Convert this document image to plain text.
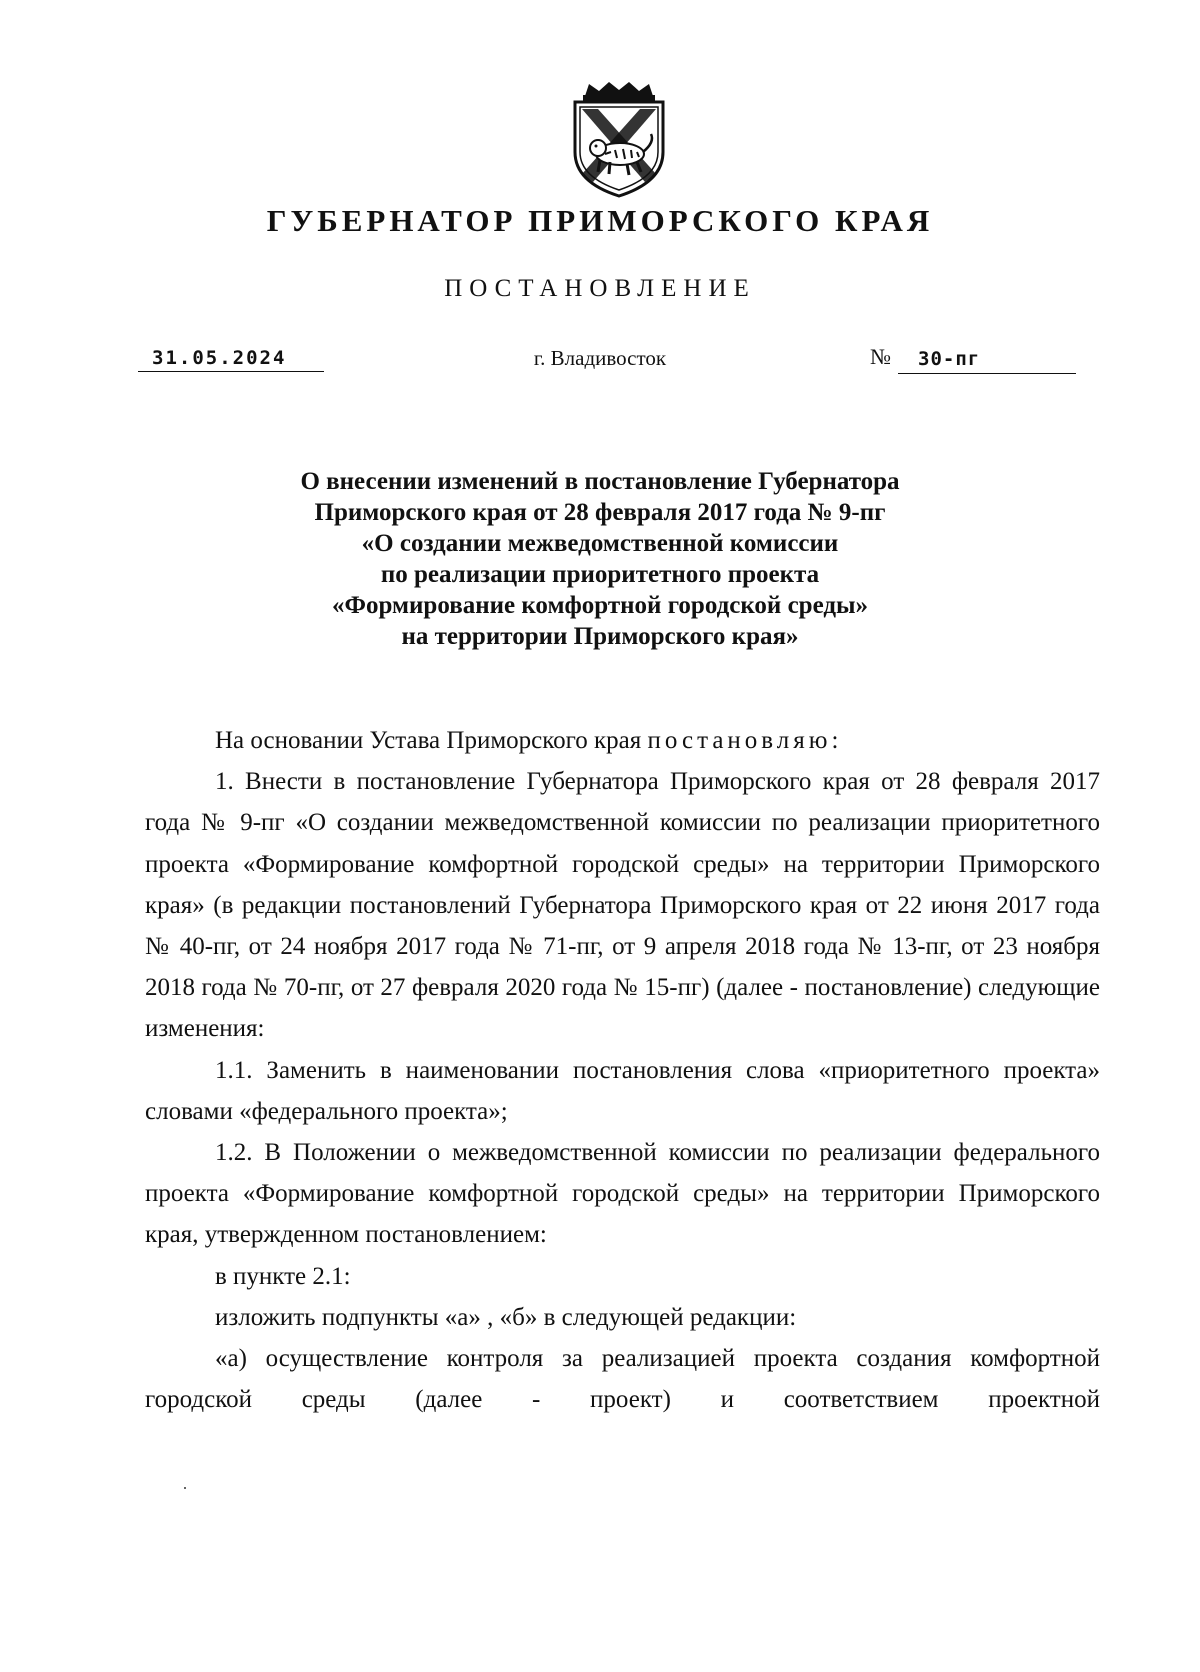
ГУБЕРНАТОР ПРИМОРСКОГО КРАЯ
ПОСТАНОВЛЕНИЕ
31.05.2024	г. Владивосток	№	30-пг
О внесении изменений в постановление Губернатора
Приморского края от 28 февраля 2017 года № 9-пг
«О создании межведомственной комиссии
по реализации приоритетного проекта
«Формирование комфортной городской среды»
на территории Приморского края»

На основании Устава Приморского края постановляю:

1. Внести в постановление Губернатора Приморского края от 28 февраля 2017 года № 9-пг «О создании межведомственной комиссии по реализации приоритетного проекта «Формирование комфортной городской среды» на территории Приморского края» (в редакции постановлений Губернатора Приморского края от 22 июня 2017 года № 40-пг, от 24 ноября 2017 года № 71-пг, от 9 апреля 2018 года № 13-пг, от 23 ноября 2018 года № 70-пг, от 27 февраля 2020 года № 15-пг) (далее - постановление) следующие изменения:

1.1. Заменить в наименовании постановления слова «приоритетного проекта» словами «федерального проекта»;

1.2. В Положении о межведомственной комиссии по реализации федерального проекта «Формирование комфортной городской среды» на территории Приморского края, утвержденном постановлением:

в пункте 2.1:

изложить подпункты «а» , «б» в следующей редакции:

«а) осуществление контроля за реализацией проекта создания комфортной городской среды (далее - проект) и соответствием проектной
